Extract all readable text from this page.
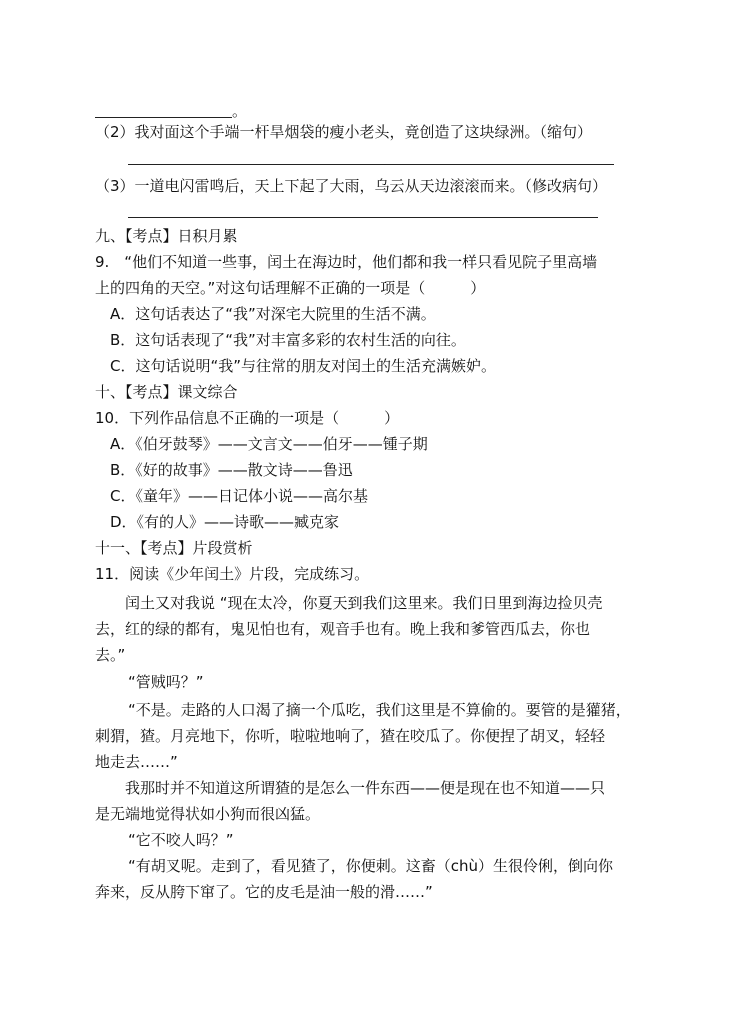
。
（2）我对面这个手端一杆旱烟袋的瘦小老头，竟创造了这块绿洲。（缩句）
（3）一道电闪雷鸣后，天上下起了大雨，乌云从天边滚滚而来。（修改病句）
九、【考点】日积月累
9.　“他们不知道一些事，闰土在海边时，他们都和我一样只看见院子里高墙
上的四角的天空。”对这句话理解不正确的一项是（　　　）
A．这句话表达了“我”对深宅大院里的生活不满。
B．这句话表现了“我”对丰富多彩的农村生活的向往。
C．这句话说明“我”与往常的朋友对闰土的生活充满嫉妒。
十、【考点】课文综合
10．下列作品信息不正确的一项是（　　　）
A．《伯牙鼓琴》——文言文——伯牙——锺子期
B．《好的故事》——散文诗——鲁迅
C．《童年》——日记体小说——高尔基
D．《有的人》——诗歌——臧克家
十一、【考点】片段赏析
11．阅读《少年闰土》片段，完成练习。
闰土又对我说 “现在太冷，你夏天到我们这里来。我们日里到海边捡贝壳
去，红的绿的都有，鬼见怕也有，观音手也有。晚上我和爹管西瓜去，你也
去。”
“管贼吗？”
“不是。走路的人口渴了摘一个瓜吃，我们这里是不算偷的。要管的是獾猪，
刺猬，猹。月亮地下，你听，啦啦地响了，猹在咬瓜了。你便捏了胡叉，轻轻
地走去……”
我那时并不知道这所谓猹的是怎么一件东西——便是现在也不知道——只
是无端地觉得状如小狗而很凶猛。
“它不咬人吗？”
“有胡叉呢。走到了，看见猹了，你便刺。这畜（chù）生很伶俐，倒向你
奔来，反从胯下窜了。它的皮毛是油一般的滑……”
